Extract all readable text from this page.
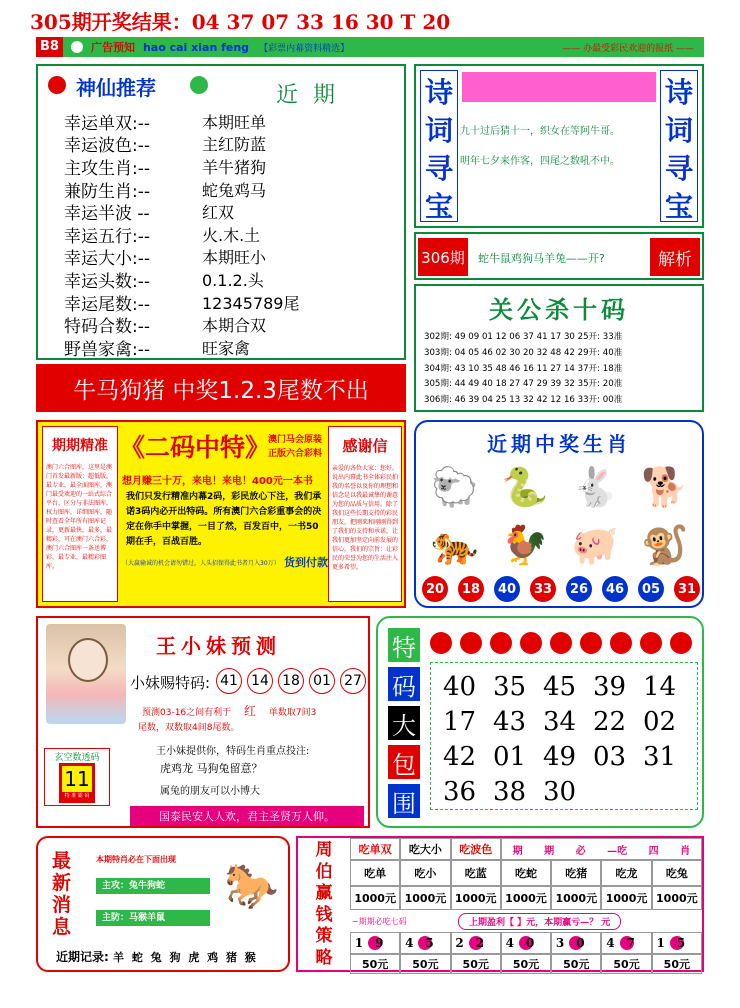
305期开奖结果：04 37 07 33 16 30 T 20
B8	广告预知 hao cai xian feng 【彩票内幕资料精选】	—— 办最受彩民欢迎的报纸 ——
神仙推荐	近 期
幸运单双:--	本期旺单
幸运波色:--	主红防蓝
主攻生肖:--	羊牛猪狗
兼防生肖:--	蛇兔鸡马
幸运半波 --	红双
幸运五行:--	火.木.土
幸运大小:--	本期旺小
幸运头数:--	0.1.2.头
幸运尾数:--	12345789尾
特码合数:--	本期合双
野兽家禽:--	旺家禽
牛马狗猪 中奖1.2.3尾数不出
诗
词
寻
宝
九十过后猜十一，织女在等阿牛哥。
明年七夕来作客，四尾之数吼不中。
诗
词
寻
宝
306期 蛇牛鼠鸡狗马羊兔——开?	解析
关公杀十码
302期: 49 09 01 12 06 37 41 17 30 25开: 33准
303期: 04 05 46 02 30 20 32 48 42 29开: 40准
304期: 43 10 35 48 46 16 11 27 14 37开: 18准
305期: 44 49 40 18 27 47 29 39 32 35开: 20准
306期: 46 39 04 25 13 32 42 12 16 33开: 00准
期期精准
澳门六合图库，这里是澳门首发最新版：超低版，最专业，最全面图库，澳门最受欢迎的一站式综合平台，区分与非法图库，权力图库，详细图库，随时查看全年所有图库记录，更新最快，最多，最精彩，可在澳门六合彩，澳门六合图库一条送博彩，最专业，最精彩图库。
《二码中特》
澳门马会原装
正版六合彩料
想月赚三十万，来电！来电！400元一本书
我们只发行精准内幕2码，彩民放心下注，我们承诺3码内必开出特码。所有澳门六合彩重事会的决定在你手中掌握，一目了然，百发百中，一书50期在手，百战百胜。
（大赢输诚的机会请勿错过，人头招保得此书者月入30万） 货到付款
感谢信
亲爱的各位大家：您好。说出内幕此书全体彩民拍我的名誉以及你的理想和信念是以我最诚挚的谢意为您的品质与信用。除了我们这些长期支持的彩民朋友，把刚来和刚刚得到了我们的支持和承诺，让我们更加坚定向前发展的信心，我们的宗旨：让彩民的荣誉为您的生活注入更多希望。
近期中奖生肖
🐑 🐍 🐇 🐕
🐅 🐓 🐖 🐒
20	18	40	33	26	46	05	31
王小妹预测
小妹赐特码: 41 14 18 01 27
预测03-16之间有利于 红 单数取7间3
尾数，双数取4间8尾数。
玄空数透码
11
特 准 霸 码
王小妹提供你，特码生肖重点投注:
虎鸡龙 马狗兔留意？
属兔的朋友可以小博大
国泰民安人人欢，君主圣贤万人仰。
特
码
大
包
围
40 35 45 39 14
17 43 34 22 02
42 01 49 03 31
36 38 30
最
新
消
息
本期特肖必在下面出现
主攻：兔牛狗蛇
主防：马猴羊鼠
🐎
近期记录: 羊 蛇 兔 狗 虎 鸡 猪 猴
周
伯
赢
钱
策
略
吃单双	吃大小	吃波色	期 期 必 —吃 四 肖
吃单	吃小	吃蓝	吃蛇	吃猪	吃龙	吃兔
1000元 1000元 1000元 1000元 1000元 1000元 1000元
~期期必吃七码	上期盈利【 】元，本期赢亏—？ 元
19 45 22 40 30 47 15
50元	50元	50元	50元	50元	50元	50元
